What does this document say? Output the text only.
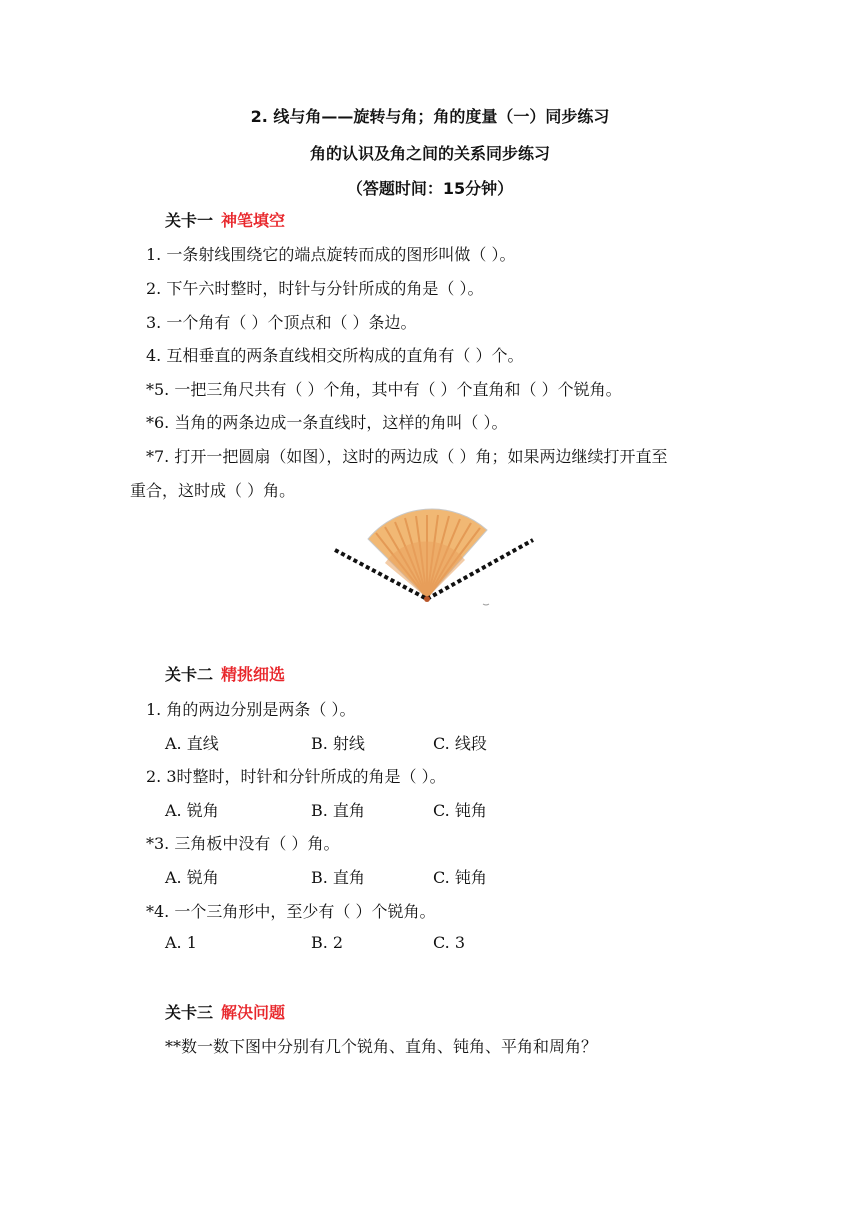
2. 线与角——旋转与角；角的度量（一）同步练习
角的认识及角之间的关系同步练习
（答题时间：15分钟）
关卡一 神笔填空
1. 一条射线围绕它的端点旋转而成的图形叫做（ ）。
2. 下午六时整时，时针与分针所成的角是（ ）。
3. 一个角有（ ）个顶点和（ ）条边。
4. 互相垂直的两条直线相交所构成的直角有（ ）个。
*5. 一把三角尺共有（ ）个角，其中有（ ）个直角和（ ）个锐角。
*6. 当角的两条边成一条直线时，这样的角叫（ ）。
*7. 打开一把圆扇（如图），这时的两边成（ ）角；如果两边继续打开直至
重合，这时成（ ）角。
关卡二 精挑细选
1. 角的两边分别是两条（ ）。
A. 直线	B. 射线	C. 线段
2. 3时整时，时针和分针所成的角是（ ）。
A. 锐角	B. 直角	C. 钝角
*3. 三角板中没有（ ）角。
A. 锐角	B. 直角	C. 钝角
*4. 一个三角形中，至少有（ ）个锐角。
A. 1	B. 2	C. 3
关卡三 解决问题
**数一数下图中分别有几个锐角、直角、钝角、平角和周角？
